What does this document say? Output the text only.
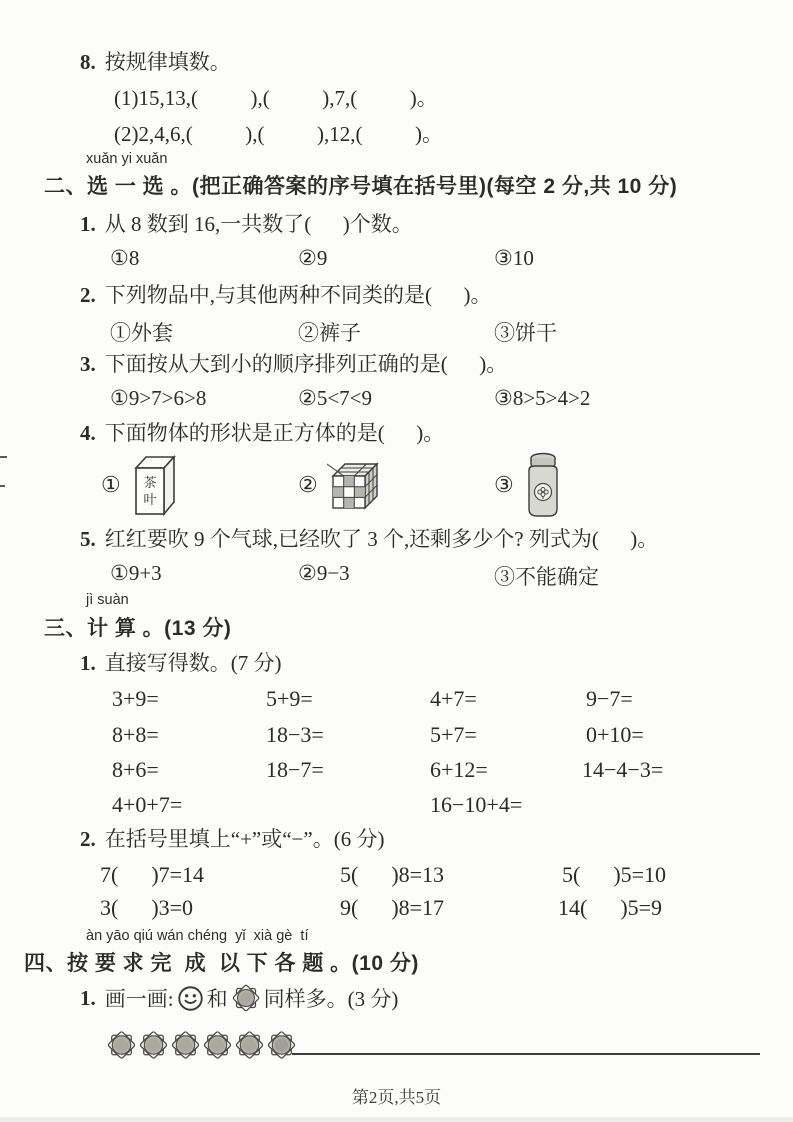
8. 按规律填数。
(1)15,13,(          ),(          ),7,(          )。
(2)2,4,6,(          ),(          ),12,(          )。
xuǎn yi xuǎn
二、选 一 选 。(把正确答案的序号填在括号里)(每空 2 分,共 10 分)
1. 从 8 数到 16,一共数了(      )个数。
①8	②9	③10
2. 下列物品中,与其他两种不同类的是(      )。
①外套	②裤子	③饼干
3. 下面按从大到小的顺序排列正确的是(      )。
①9>7>6>8	②5<7<9	③8>5>4>2
4. 下面物体的形状是正方体的是(      )。
① 茶
叶
②	③
5. 红红要吹 9 个气球,已经吹了 3 个,还剩多少个? 列式为(      )。
①9+3	②9−3	③不能确定
jì suàn
三、计 算 。(13 分)
1. 直接写得数。(7 分)
3+9=	5+9=	4+7=	9−7=
8+8=	18−3=	5+7=	0+10=
8+6=	18−7=	6+12=	14−4−3=
4+0+7=	16−10+4=
2. 在括号里填上“+”或“−”。(6 分)
7(      )7=14	5(      )8=13	5(      )5=10
3(      )3=0	9(      )8=17	14(      )5=9
àn yāo qiú wán chéng  yǐ  xià gè  tí
四、按 要 求 完  成  以 下 各 题 。(10 分)
1. 画一画: 和 同样多。(3 分)
第2页,共5页
